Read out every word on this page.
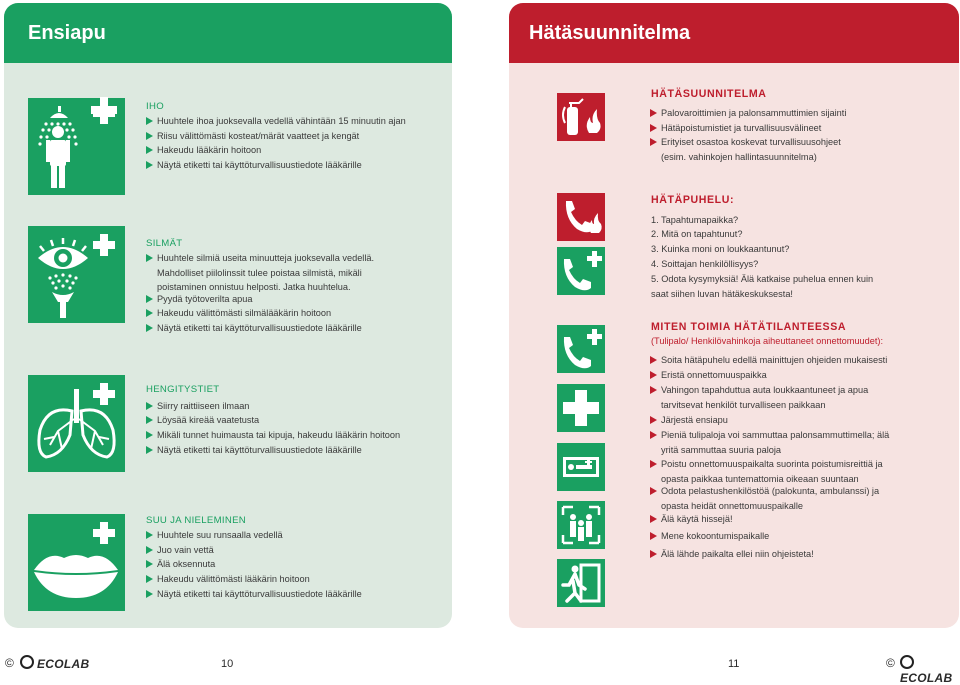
Ensiapu	Hätäsuunnitelma
IHO
Huuhtele ihoa juoksevalla vedellä vähintään 15 minuutin ajan
Riisu välittömästi kosteat/märät vaatteet ja kengät
Hakeudu lääkärin hoitoon
Näytä etiketti tai käyttöturvallisuustiedote lääkärille
SILMÄT
Huuhtele silmiä useita minuutteja juoksevalla vedellä. Mahdolliset piilolinssit tulee poistaa silmistä, mikäli poistaminen onnistuu helposti. Jatka huuhtelua.
Pyydä työtoverilta apua
Hakeudu välittömästi silmälääkärin hoitoon
Näytä etiketti tai käyttöturvallisuustiedote lääkärille
HENGITYSTIET
Siirry raittiiseen ilmaan
Löysää kireää vaatetusta
Mikäli tunnet huimausta tai kipuja, hakeudu lääkärin hoitoon
Näytä etiketti tai käyttöturvallisuustiedote lääkärille
SUU JA NIELEMINEN
Huuhtele suu runsaalla vedellä
Juo vain vettä
Älä oksennuta
Hakeudu välittömästi lääkärin hoitoon
Näytä etiketti tai käyttöturvallisuustiedote lääkärille
HÄTÄSUUNNITELMA
Palovaroittimien ja palonsammuttimien sijainti
Hätäpoistumistiet ja turvallisuusvälineet
Erityiset osastoa koskevat turvallisuusohjeet (esim. vahinkojen hallintasuunnitelma)
HÄTÄPUHELU:
1. Tapahtumapaikka?
2. Mitä on tapahtunut?
3. Kuinka moni on loukkaantunut?
4. Soittajan henkilöllisyys?
5. Odota kysymyksiä! Älä katkaise puhelua ennen kuin saat siihen luvan hätäkeskuksesta!
MITEN TOIMIA HÄTÄTILANTEESSA
(Tulipalo/ Henkilövahinkoja aiheuttaneet onnettomuudet):
Soita hätäpuhelu edellä mainittujen ohjeiden mukaisesti
Eristä onnettomuuspaikka
Vahingon tapahduttua auta loukkaantuneet ja apua tarvitsevat henkilöt turvalliseen paikkaan
Järjestä ensiapu
Pieniä tulipaloja voi sammuttaa palonsammuttimella; älä yritä sammuttaa suuria paloja
Poistu onnettomuuspaikalta suorinta poistumisreittiä ja opasta paikkaa tuntemattomia oikeaan suuntaan
Odota pelastushenkilöstöä (palokunta, ambulanssi) ja opasta heidät onnettomuuspaikalle
Älä käytä hissejä!
Mene kokoontumispaikalle
Älä lähde paikalta ellei niin ohjeisteta!
©	ECOLAB	10	11	©
ECOLAB
